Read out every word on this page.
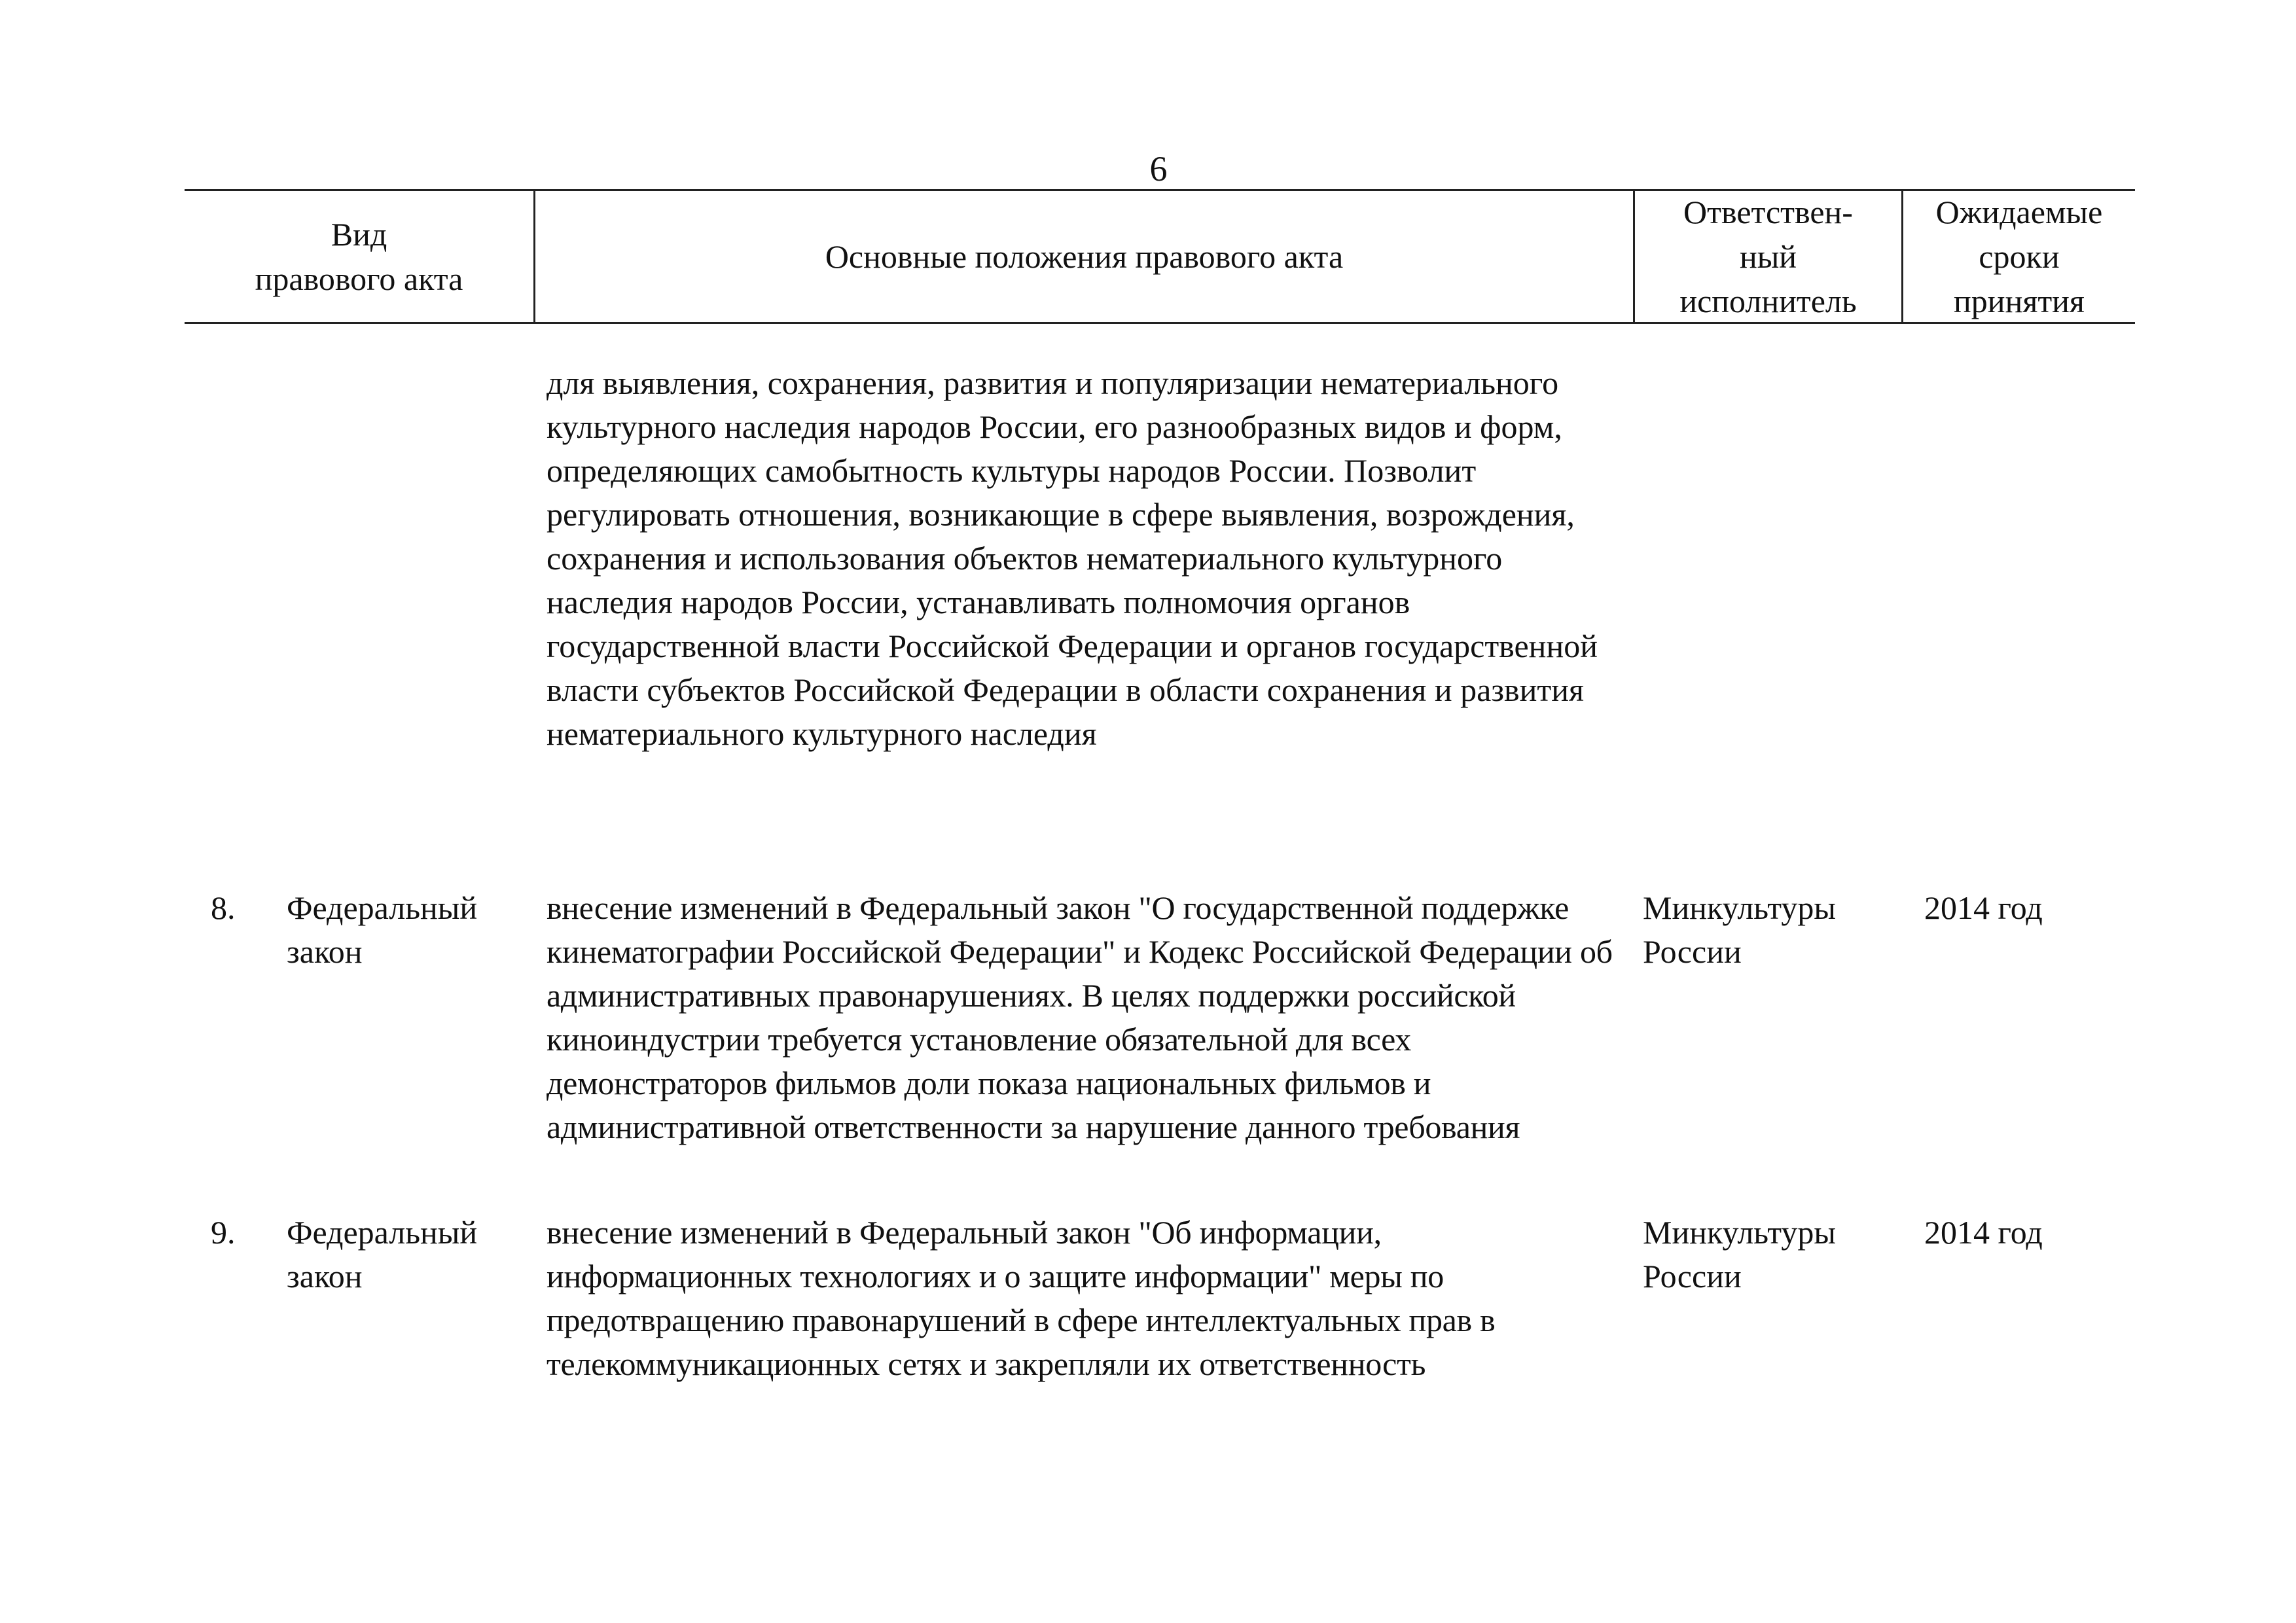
6
Вид
правового акта
Основные положения правового акта
Ответствен-
ный
исполнитель
Ожидаемые
сроки
принятия
для выявления, сохранения, развития и популяризации нематериального культурного наследия народов России, его разнообразных видов и форм, определяющих самобытность культуры народов России. Позволит регулировать отношения, возникающие в сфере выявления, возрождения, сохранения и использования объектов нематериального культурного наследия народов России, устанавливать полномочия органов государственной власти Российской Федерации и органов государственной власти субъектов Российской Федерации в области сохранения и развития нематериального культурного наследия
8. Федеральный
закон
внесение изменений в Федеральный закон "О государственной поддержке кинематографии Российской Федерации" и Кодекс Российской Федерации об административных правонарушениях. В целях поддержки российской киноиндустрии требуется установление обязательной для всех демонстраторов фильмов доли показа национальных фильмов и административной ответственности за нарушение данного требования
Минкультуры
России
2014 год
9. Федеральный
закон
внесение изменений в Федеральный закон "Об информации, информационных технологиях и о защите информации" меры по предотвращению правонарушений в сфере интеллектуальных прав в телекоммуникационных сетях и закрепляли их ответственность
Минкультуры
России
2014 год
